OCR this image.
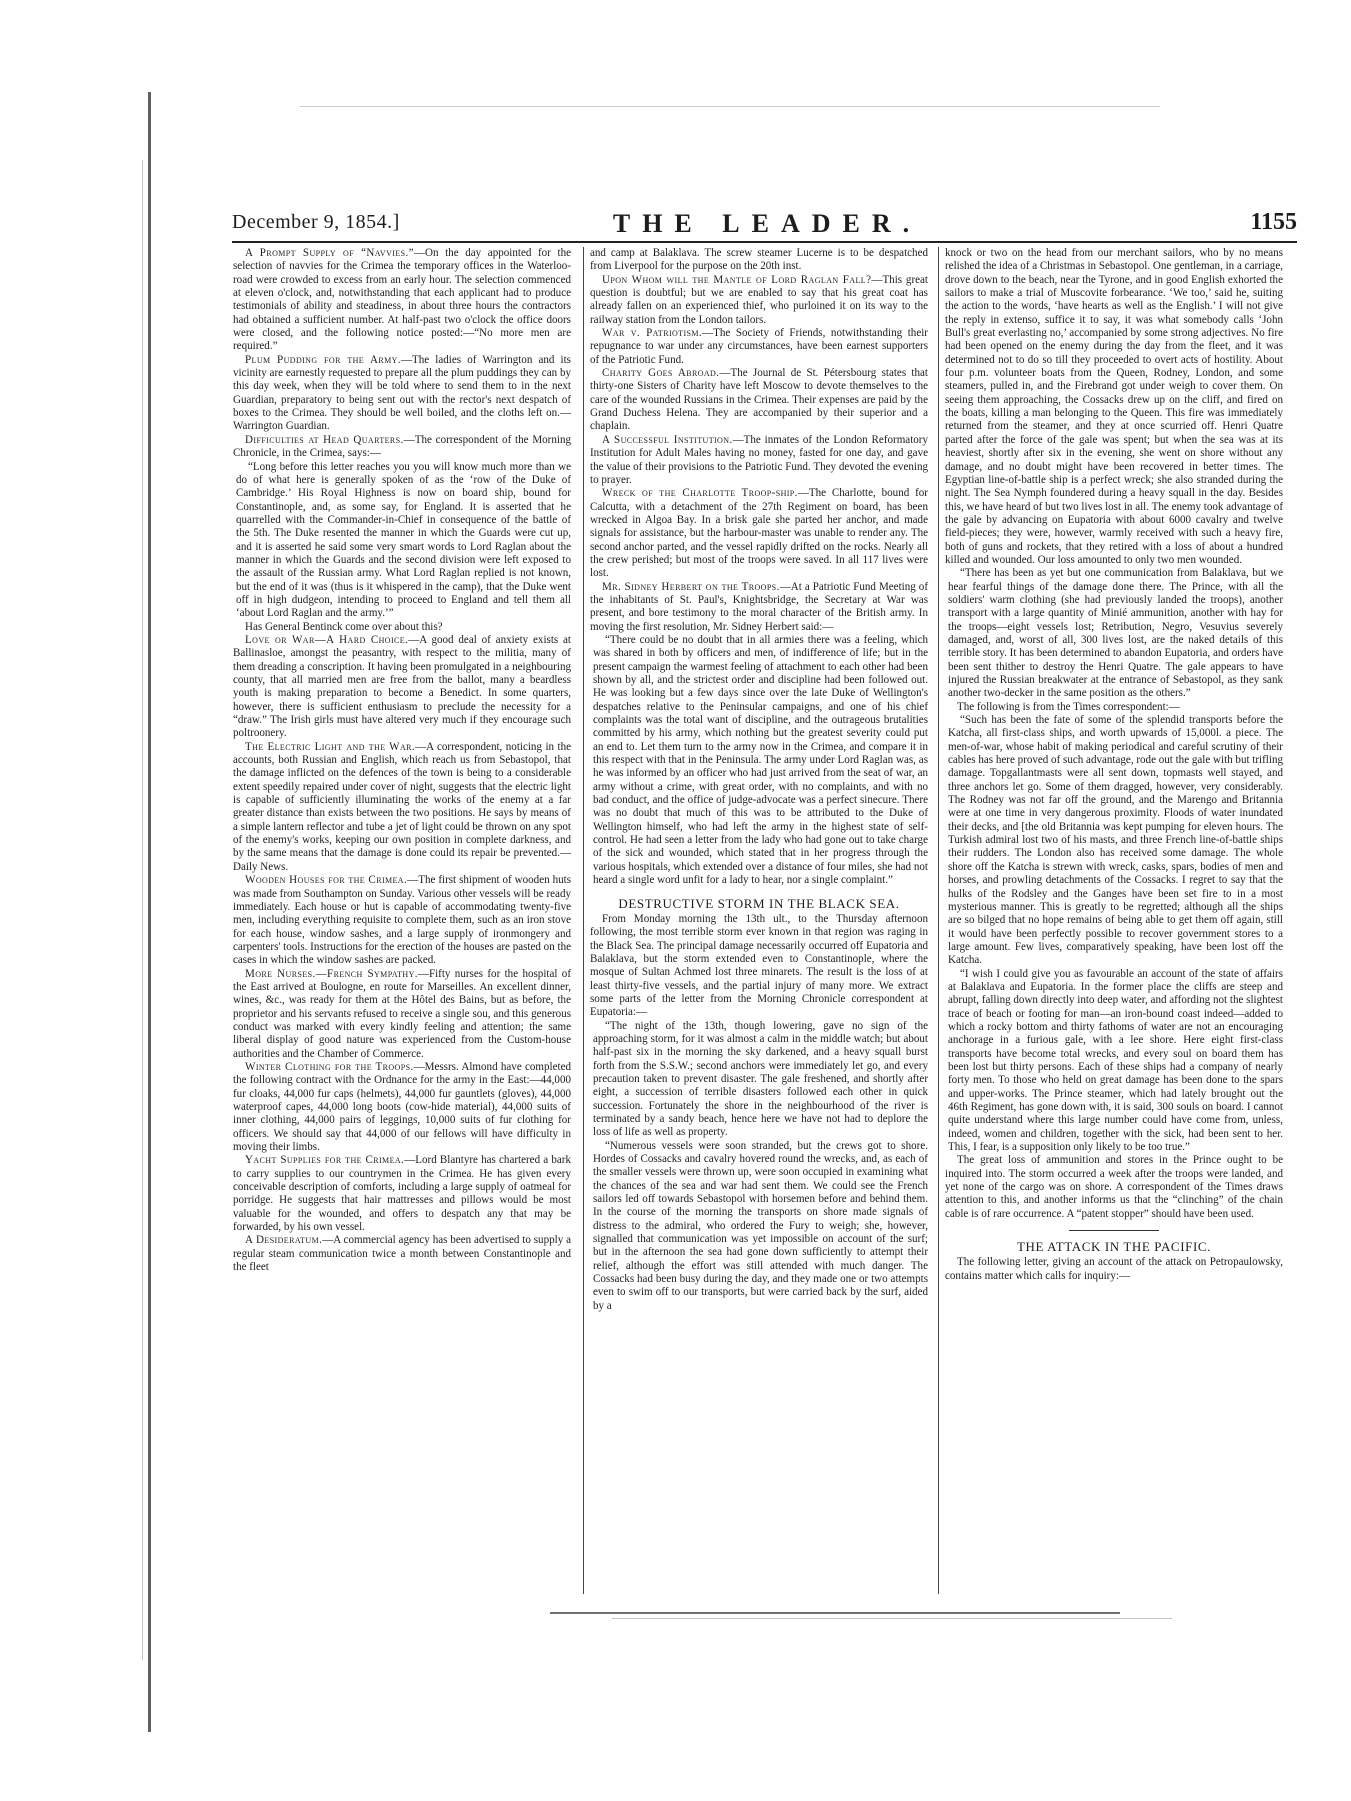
December 9, 1854.]	THE LEADER.	1155

A Prompt Supply of “Navvies.”—On the day appointed for the selection of navvies for the Crimea the temporary offices in the Waterloo-road were crowded to excess from an early hour. The selection commenced at eleven o'clock, and, notwithstanding that each applicant had to produce testimonials of ability and steadiness, in about three hours the contractors had obtained a sufficient number. At half-past two o'clock the office doors were closed, and the following notice posted:—“No more men are required.”

Plum Pudding for the Army.—The ladies of Warrington and its vicinity are earnestly requested to prepare all the plum puddings they can by this day week, when they will be told where to send them to in the next Guardian, preparatory to being sent out with the rector's next despatch of boxes to the Crimea. They should be well boiled, and the cloths left on.— Warrington Guardian.

Difficulties at Head Quarters.—The correspondent of the Morning Chronicle, in the Crimea, says:—

“Long before this letter reaches you you will know much more than we do of what here is generally spoken of as the ‘row of the Duke of Cambridge.’ His Royal Highness is now on board ship, bound for Constantinople, and, as some say, for England. It is asserted that he quarrelled with the Commander-in-Chief in consequence of the battle of the 5th. The Duke resented the manner in which the Guards were cut up, and it is asserted he said some very smart words to Lord Raglan about the manner in which the Guards and the second division were left exposed to the assault of the Russian army. What Lord Raglan replied is not known, but the end of it was (thus is it whispered in the camp), that the Duke went off in high dudgeon, intending to proceed to England and tell them all ‘about Lord Raglan and the army.’”

Has General Bentinck come over about this?

Love or War—A Hard Choice.—A good deal of anxiety exists at Ballinasloe, amongst the peasantry, with respect to the militia, many of them dreading a conscription. It having been promulgated in a neighbouring county, that all married men are free from the ballot, many a beardless youth is making preparation to become a Benedict. In some quarters, however, there is sufficient enthusiasm to preclude the necessity for a “draw.” The Irish girls must have altered very much if they encourage such poltroonery.

The Electric Light and the War.—A correspondent, noticing in the accounts, both Russian and English, which reach us from Sebastopol, that the damage inflicted on the defences of the town is being to a considerable extent speedily repaired under cover of night, suggests that the electric light is capable of sufficiently illuminating the works of the enemy at a far greater distance than exists between the two positions. He says by means of a simple lantern reflector and tube a jet of light could be thrown on any spot of the enemy's works, keeping our own position in complete darkness, and by the same means that the damage is done could its repair be prevented.— Daily News.

Wooden Houses for the Crimea.—The first shipment of wooden huts was made from Southampton on Sunday. Various other vessels will be ready immediately. Each house or hut is capable of accommodating twenty-five men, including everything requisite to complete them, such as an iron stove for each house, window sashes, and a large supply of ironmongery and carpenters' tools. Instructions for the erection of the houses are pasted on the cases in which the window sashes are packed.

More Nurses.—French Sympathy.—Fifty nurses for the hospital of the East arrived at Boulogne, en route for Marseilles. An excellent dinner, wines, &c., was ready for them at the Hôtel des Bains, but as before, the proprietor and his servants refused to receive a single sou, and this generous conduct was marked with every kindly feeling and attention; the same liberal display of good nature was experienced from the Custom-house authorities and the Chamber of Commerce.

Winter Clothing for the Troops.—Messrs. Almond have completed the following contract with the Ordnance for the army in the East:—44,000 fur cloaks, 44,000 fur caps (helmets), 44,000 fur gauntlets (gloves), 44,000 waterproof capes, 44,000 long boots (cow-hide material), 44,000 suits of inner clothing, 44,000 pairs of leggings, 10,000 suits of fur clothing for officers. We should say that 44,000 of our fellows will have difficulty in moving their limbs.

Yacht Supplies for the Crimea.—Lord Blantyre has chartered a bark to carry supplies to our countrymen in the Crimea. He has given every conceivable description of comforts, including a large supply of oatmeal for porridge. He suggests that hair mattresses and pillows would be most valuable for the wounded, and offers to despatch any that may be forwarded, by his own vessel.

A Desideratum.—A commercial agency has been advertised to supply a regular steam communication twice a month between Constantinople and the fleet

and camp at Balaklava. The screw steamer Lucerne is to be despatched from Liverpool for the purpose on the 20th inst.

Upon Whom will the Mantle of Lord Raglan Fall?—This great question is doubtful; but we are enabled to say that his great coat has already fallen on an experienced thief, who purloined it on its way to the railway station from the London tailors.

War v. Patriotism.—The Society of Friends, notwithstanding their repugnance to war under any circumstances, have been earnest supporters of the Patriotic Fund.

Charity Goes Abroad.—The Journal de St. Pétersbourg states that thirty-one Sisters of Charity have left Moscow to devote themselves to the care of the wounded Russians in the Crimea. Their expenses are paid by the Grand Duchess Helena. They are accompanied by their superior and a chaplain.

A Successful Institution.—The inmates of the London Reformatory Institution for Adult Males having no money, fasted for one day, and gave the value of their provisions to the Patriotic Fund. They devoted the evening to prayer.

Wreck of the Charlotte Troop-ship.—The Charlotte, bound for Calcutta, with a detachment of the 27th Regiment on board, has been wrecked in Algoa Bay. In a brisk gale she parted her anchor, and made signals for assistance, but the harbour-master was unable to render any. The second anchor parted, and the vessel rapidly drifted on the rocks. Nearly all the crew perished; but most of the troops were saved. In all 117 lives were lost.

Mr. Sidney Herbert on the Troops.—At a Patriotic Fund Meeting of the inhabitants of St. Paul's, Knightsbridge, the Secretary at War was present, and bore testimony to the moral character of the British army. In moving the first resolution, Mr. Sidney Herbert said:—

“There could be no doubt that in all armies there was a feeling, which was shared in both by officers and men, of indifference of life; but in the present campaign the warmest feeling of attachment to each other had been shown by all, and the strictest order and discipline had been followed out. He was looking but a few days since over the late Duke of Wellington's despatches relative to the Peninsular campaigns, and one of his chief complaints was the total want of discipline, and the outrageous brutalities committed by his army, which nothing but the greatest severity could put an end to. Let them turn to the army now in the Crimea, and compare it in this respect with that in the Peninsula. The army under Lord Raglan was, as he was informed by an officer who had just arrived from the seat of war, an army without a crime, with great order, with no complaints, and with no bad conduct, and the office of judge-advocate was a perfect sinecure. There was no doubt that much of this was to be attributed to the Duke of Wellington himself, who had left the army in the highest state of self-control. He had seen a letter from the lady who had gone out to take charge of the sick and wounded, which stated that in her progress through the various hospitals, which extended over a distance of four miles, she had not heard a single word unfit for a lady to hear, nor a single complaint.”

DESTRUCTIVE STORM IN THE BLACK SEA.

From Monday morning the 13th ult., to the Thursday afternoon following, the most terrible storm ever known in that region was raging in the Black Sea. The principal damage necessarily occurred off Eupatoria and Balaklava, but the storm extended even to Constantinople, where the mosque of Sultan Achmed lost three minarets. The result is the loss of at least thirty-five vessels, and the partial injury of many more. We extract some parts of the letter from the Morning Chronicle correspondent at Eupatoria:—

“The night of the 13th, though lowering, gave no sign of the approaching storm, for it was almost a calm in the middle watch; but about half-past six in the morning the sky darkened, and a heavy squall burst forth from the S.S.W.; second anchors were immediately let go, and every precaution taken to prevent disaster. The gale freshened, and shortly after eight, a succession of terrible disasters followed each other in quick succession. Fortunately the shore in the neighbourhood of the river is terminated by a sandy beach, hence here we have not had to deplore the loss of life as well as property.

“Numerous vessels were soon stranded, but the crews got to shore. Hordes of Cossacks and cavalry hovered round the wrecks, and, as each of the smaller vessels were thrown up, were soon occupied in examining what the chances of the sea and war had sent them. We could see the French sailors led off towards Sebastopol with horsemen before and behind them. In the course of the morning the transports on shore made signals of distress to the admiral, who ordered the Fury to weigh; she, however, signalled that communication was yet impossible on account of the surf; but in the afternoon the sea had gone down sufficiently to attempt their relief, although the effort was still attended with much danger. The Cossacks had been busy during the day, and they made one or two attempts even to swim off to our transports, but were carried back by the surf, aided by a

knock or two on the head from our merchant sailors, who by no means relished the idea of a Christmas in Sebastopol. One gentleman, in a carriage, drove down to the beach, near the Tyrone, and in good English exhorted the sailors to make a trial of Muscovite forbearance. ‘We too,’ said he, suiting the action to the words, ‘have hearts as well as the English.’ I will not give the reply in extenso, suffice it to say, it was what somebody calls ‘John Bull's great everlasting no,’ accompanied by some strong adjectives. No fire had been opened on the enemy during the day from the fleet, and it was determined not to do so till they proceeded to overt acts of hostility. About four p.m. volunteer boats from the Queen, Rodney, London, and some steamers, pulled in, and the Firebrand got under weigh to cover them. On seeing them approaching, the Cossacks drew up on the cliff, and fired on the boats, killing a man belonging to the Queen. This fire was immediately returned from the steamer, and they at once scurried off. Henri Quatre parted after the force of the gale was spent; but when the sea was at its heaviest, shortly after six in the evening, she went on shore without any damage, and no doubt might have been recovered in better times. The Egyptian line-of-battle ship is a perfect wreck; she also stranded during the night. The Sea Nymph foundered during a heavy squall in the day. Besides this, we have heard of but two lives lost in all. The enemy took advantage of the gale by advancing on Eupatoria with about 6000 cavalry and twelve field-pieces; they were, however, warmly received with such a heavy fire, both of guns and rockets, that they retired with a loss of about a hundred killed and wounded. Our loss amounted to only two men wounded.

“There has been as yet but one communication from Balaklava, but we hear fearful things of the damage done there. The Prince, with all the soldiers' warm clothing (she had previously landed the troops), another transport with a large quantity of Minié ammunition, another with hay for the troops—eight vessels lost; Retribution, Negro, Vesuvius severely damaged, and, worst of all, 300 lives lost, are the naked details of this terrible story. It has been determined to abandon Eupatoria, and orders have been sent thither to destroy the Henri Quatre. The gale appears to have injured the Russian breakwater at the entrance of Sebastopol, as they sank another two-decker in the same position as the others.”

The following is from the Times correspondent:—

“Such has been the fate of some of the splendid transports before the Katcha, all first-class ships, and worth upwards of 15,000l. a piece. The men-of-war, whose habit of making periodical and careful scrutiny of their cables has here proved of such advantage, rode out the gale with but trifling damage. Topgallantmasts were all sent down, topmasts well stayed, and three anchors let go. Some of them dragged, however, very considerably. The Rodney was not far off the ground, and the Marengo and Britannia were at one time in very dangerous proximity. Floods of water inundated their decks, and [the old Britannia was kept pumping for eleven hours. The Turkish admiral lost two of his masts, and three French line-of-battle ships their rudders. The London also has received some damage. The whole shore off the Katcha is strewn with wreck, casks, spars, bodies of men and horses, and prowling detachments of the Cossacks. I regret to say that the hulks of the Rodsley and the Ganges have been set fire to in a most mysterious manner. This is greatly to be regretted; although all the ships are so bilged that no hope remains of being able to get them off again, still it would have been perfectly possible to recover government stores to a large amount. Few lives, comparatively speaking, have been lost off the Katcha.

“I wish I could give you as favourable an account of the state of affairs at Balaklava and Eupatoria. In the former place the cliffs are steep and abrupt, falling down directly into deep water, and affording not the slightest trace of beach or footing for man—an iron-bound coast indeed—added to which a rocky bottom and thirty fathoms of water are not an encouraging anchorage in a furious gale, with a lee shore. Here eight first-class transports have become total wrecks, and every soul on board them has been lost but thirty persons. Each of these ships had a company of nearly forty men. To those who held on great damage has been done to the spars and upper-works. The Prince steamer, which had lately brought out the 46th Regiment, has gone down with, it is said, 300 souls on board. I cannot quite understand where this large number could have come from, unless, indeed, women and children, together with the sick, had been sent to her. This, I fear, is a supposition only likely to be too true.”

The great loss of ammunition and stores in the Prince ought to be inquired into. The storm occurred a week after the troops were landed, and yet none of the cargo was on shore. A correspondent of the Times draws attention to this, and another informs us that the “clinching” of the chain cable is of rare occurrence. A “patent stopper” should have been used.

THE ATTACK IN THE PACIFIC.

The following letter, giving an account of the attack on Petropaulowsky, contains matter which calls for inquiry:—
